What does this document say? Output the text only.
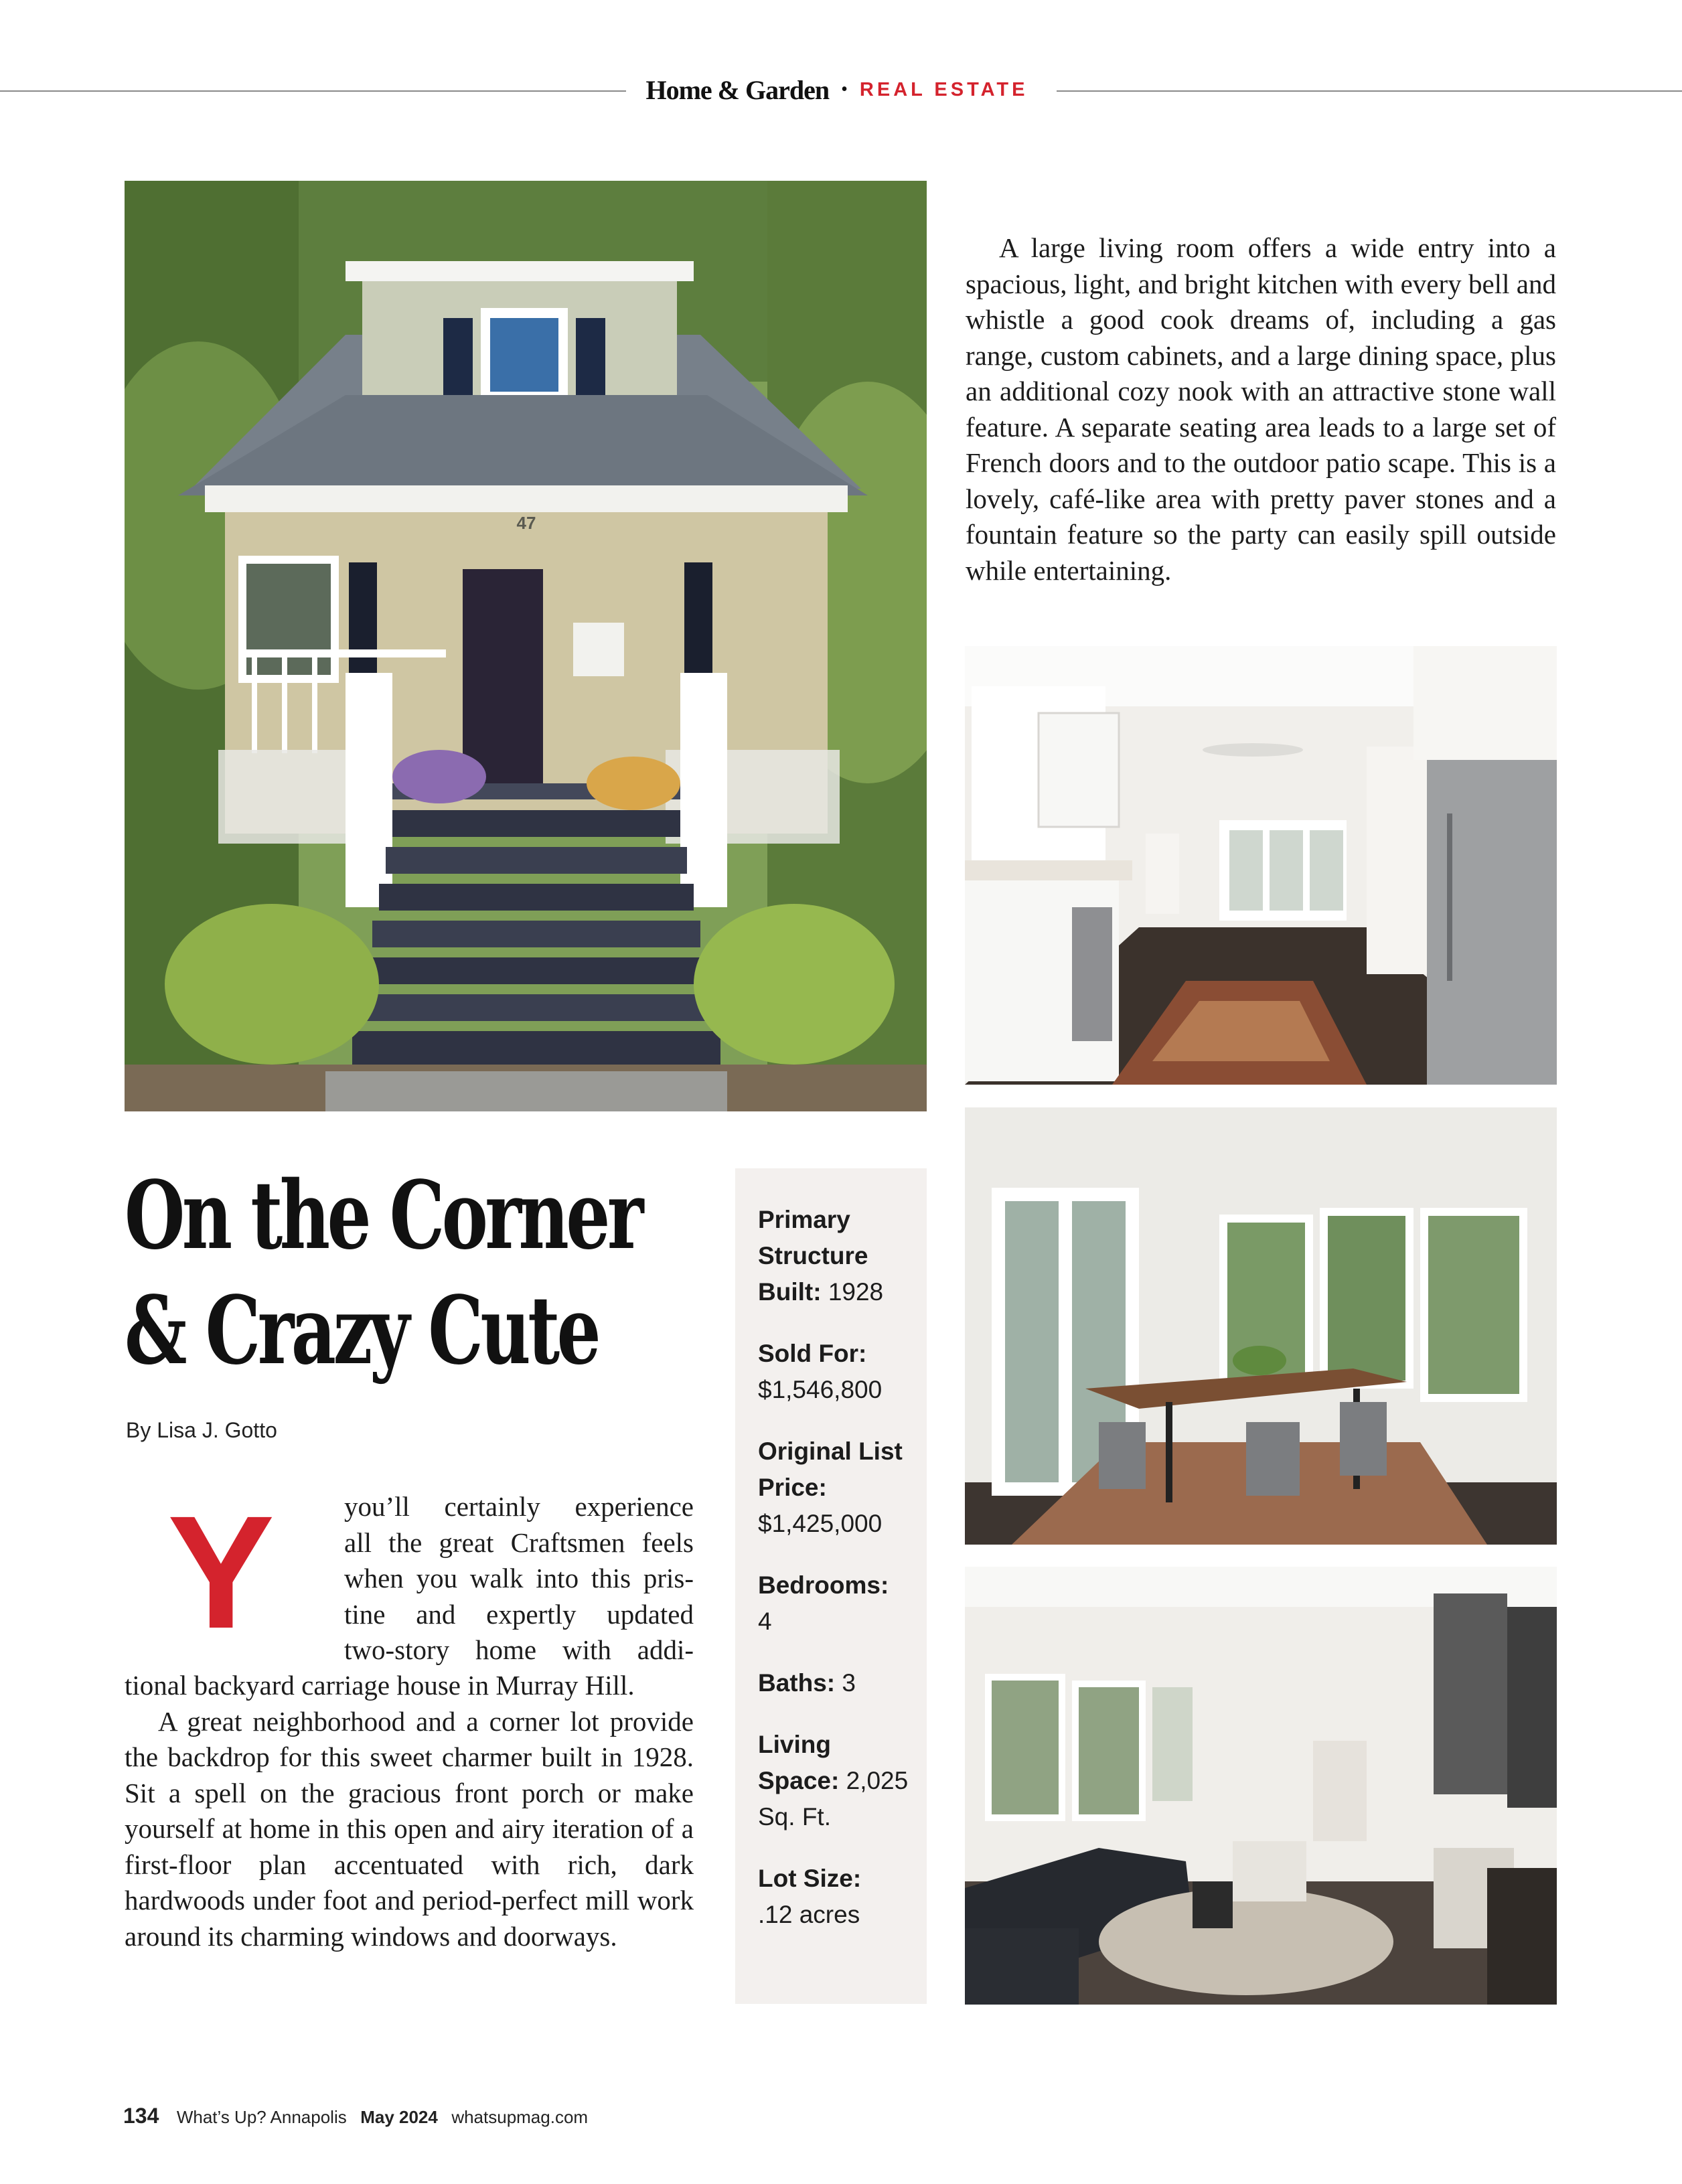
Home & Garden • REAL ESTATE
47

A large living room offers a wide entry into a spacious, light, and bright kitchen with every bell and whistle a good cook dreams of, including a gas range, custom cabinets, and a large dining space, plus an additional cozy nook with an attractive stone wall feature. A separate seating area leads to a large set of French doors and to the outdoor patio scape. This is a lovely, café-like area with pretty paver stones and a fountain feature so the party can easily spill outside while entertaining.

On the Corner
& Crazy Cute
By Lisa J. Gotto
Y	you’ll certainly experience

all the great Craftsmen feels

when you walk into this pris-

tine and expertly updated

two-story home with addi-

tional backyard carriage house in Murray Hill.

A great neighborhood and a corner lot provide the backdrop for this sweet charmer built in 1928. Sit a spell on the gracious front porch or make yourself at home in this open and airy iteration of a first-floor plan accentuated with rich, dark hardwoods under foot and period-perfect mill work around its charming windows and doorways.

Primary Structure Built: 1928
Sold For:
$1,546,800
Original List Price: $1,425,000
Bedrooms:
4
Baths: 3
Living Space: 2,025 Sq. Ft.
Lot Size:
.12 acres
134 What’s Up? Annapolis May 2024 whatsupmag.com
